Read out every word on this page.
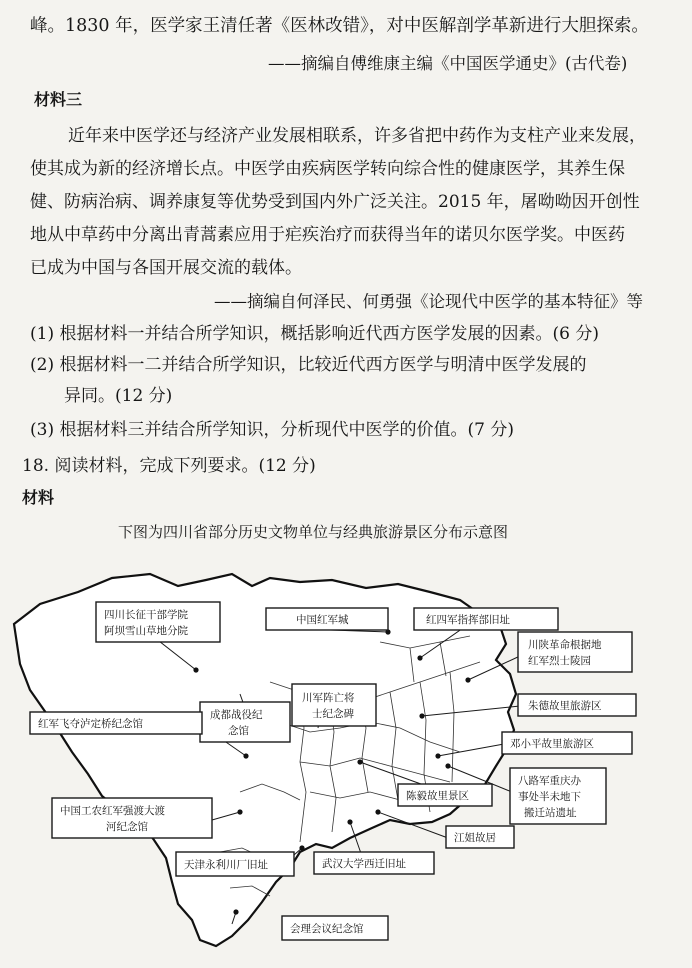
峰。1830 年，医学家王清任著《医林改错》，对中医解剖学革新进行大胆探索。
——摘编自傅维康主编《中国医学通史》(古代卷)
材料三
近年来中医学还与经济产业发展相联系，许多省把中药作为支柱产业来发展，
使其成为新的经济增长点。中医学由疾病医学转向综合性的健康医学，其养生保
健、防病治病、调养康复等优势受到国内外广泛关注。2015 年，屠呦呦因开创性
地从中草药中分离出青蒿素应用于疟疾治疗而获得当年的诺贝尔医学奖。中医药
已成为中国与各国开展交流的载体。
——摘编自何泽民、何勇强《论现代中医学的基本特征》等
(1) 根据材料一并结合所学知识，概括影响近代西方医学发展的因素。(6 分)
(2) 根据材料一二并结合所学知识，比较近代西方医学与明清中医学发展的
异同。(12 分)
(3) 根据材料三并结合所学知识，分析现代中医学的价值。(7 分)
18. 阅读材料，完成下列要求。(12 分)
材料
下图为四川省部分历史文物单位与经典旅游景区分布示意图
四川长征干部学院
阿坝雪山草地分院
中国红军城	红四军指挥部旧址
川陕革命根据地
红军烈士陵园
川军阵亡将
士纪念碑
成都战役纪
念馆
红军飞夺泸定桥纪念馆
朱德故里旅游区
邓小平故里旅游区
八路军重庆办
事处半未地下
搬迁站遗址
陈毅故里景区
中国工农红军强渡大渡
河纪念馆
江姐故居
天津永利川厂旧址	武汉大学西迁旧址
会理会议纪念馆
